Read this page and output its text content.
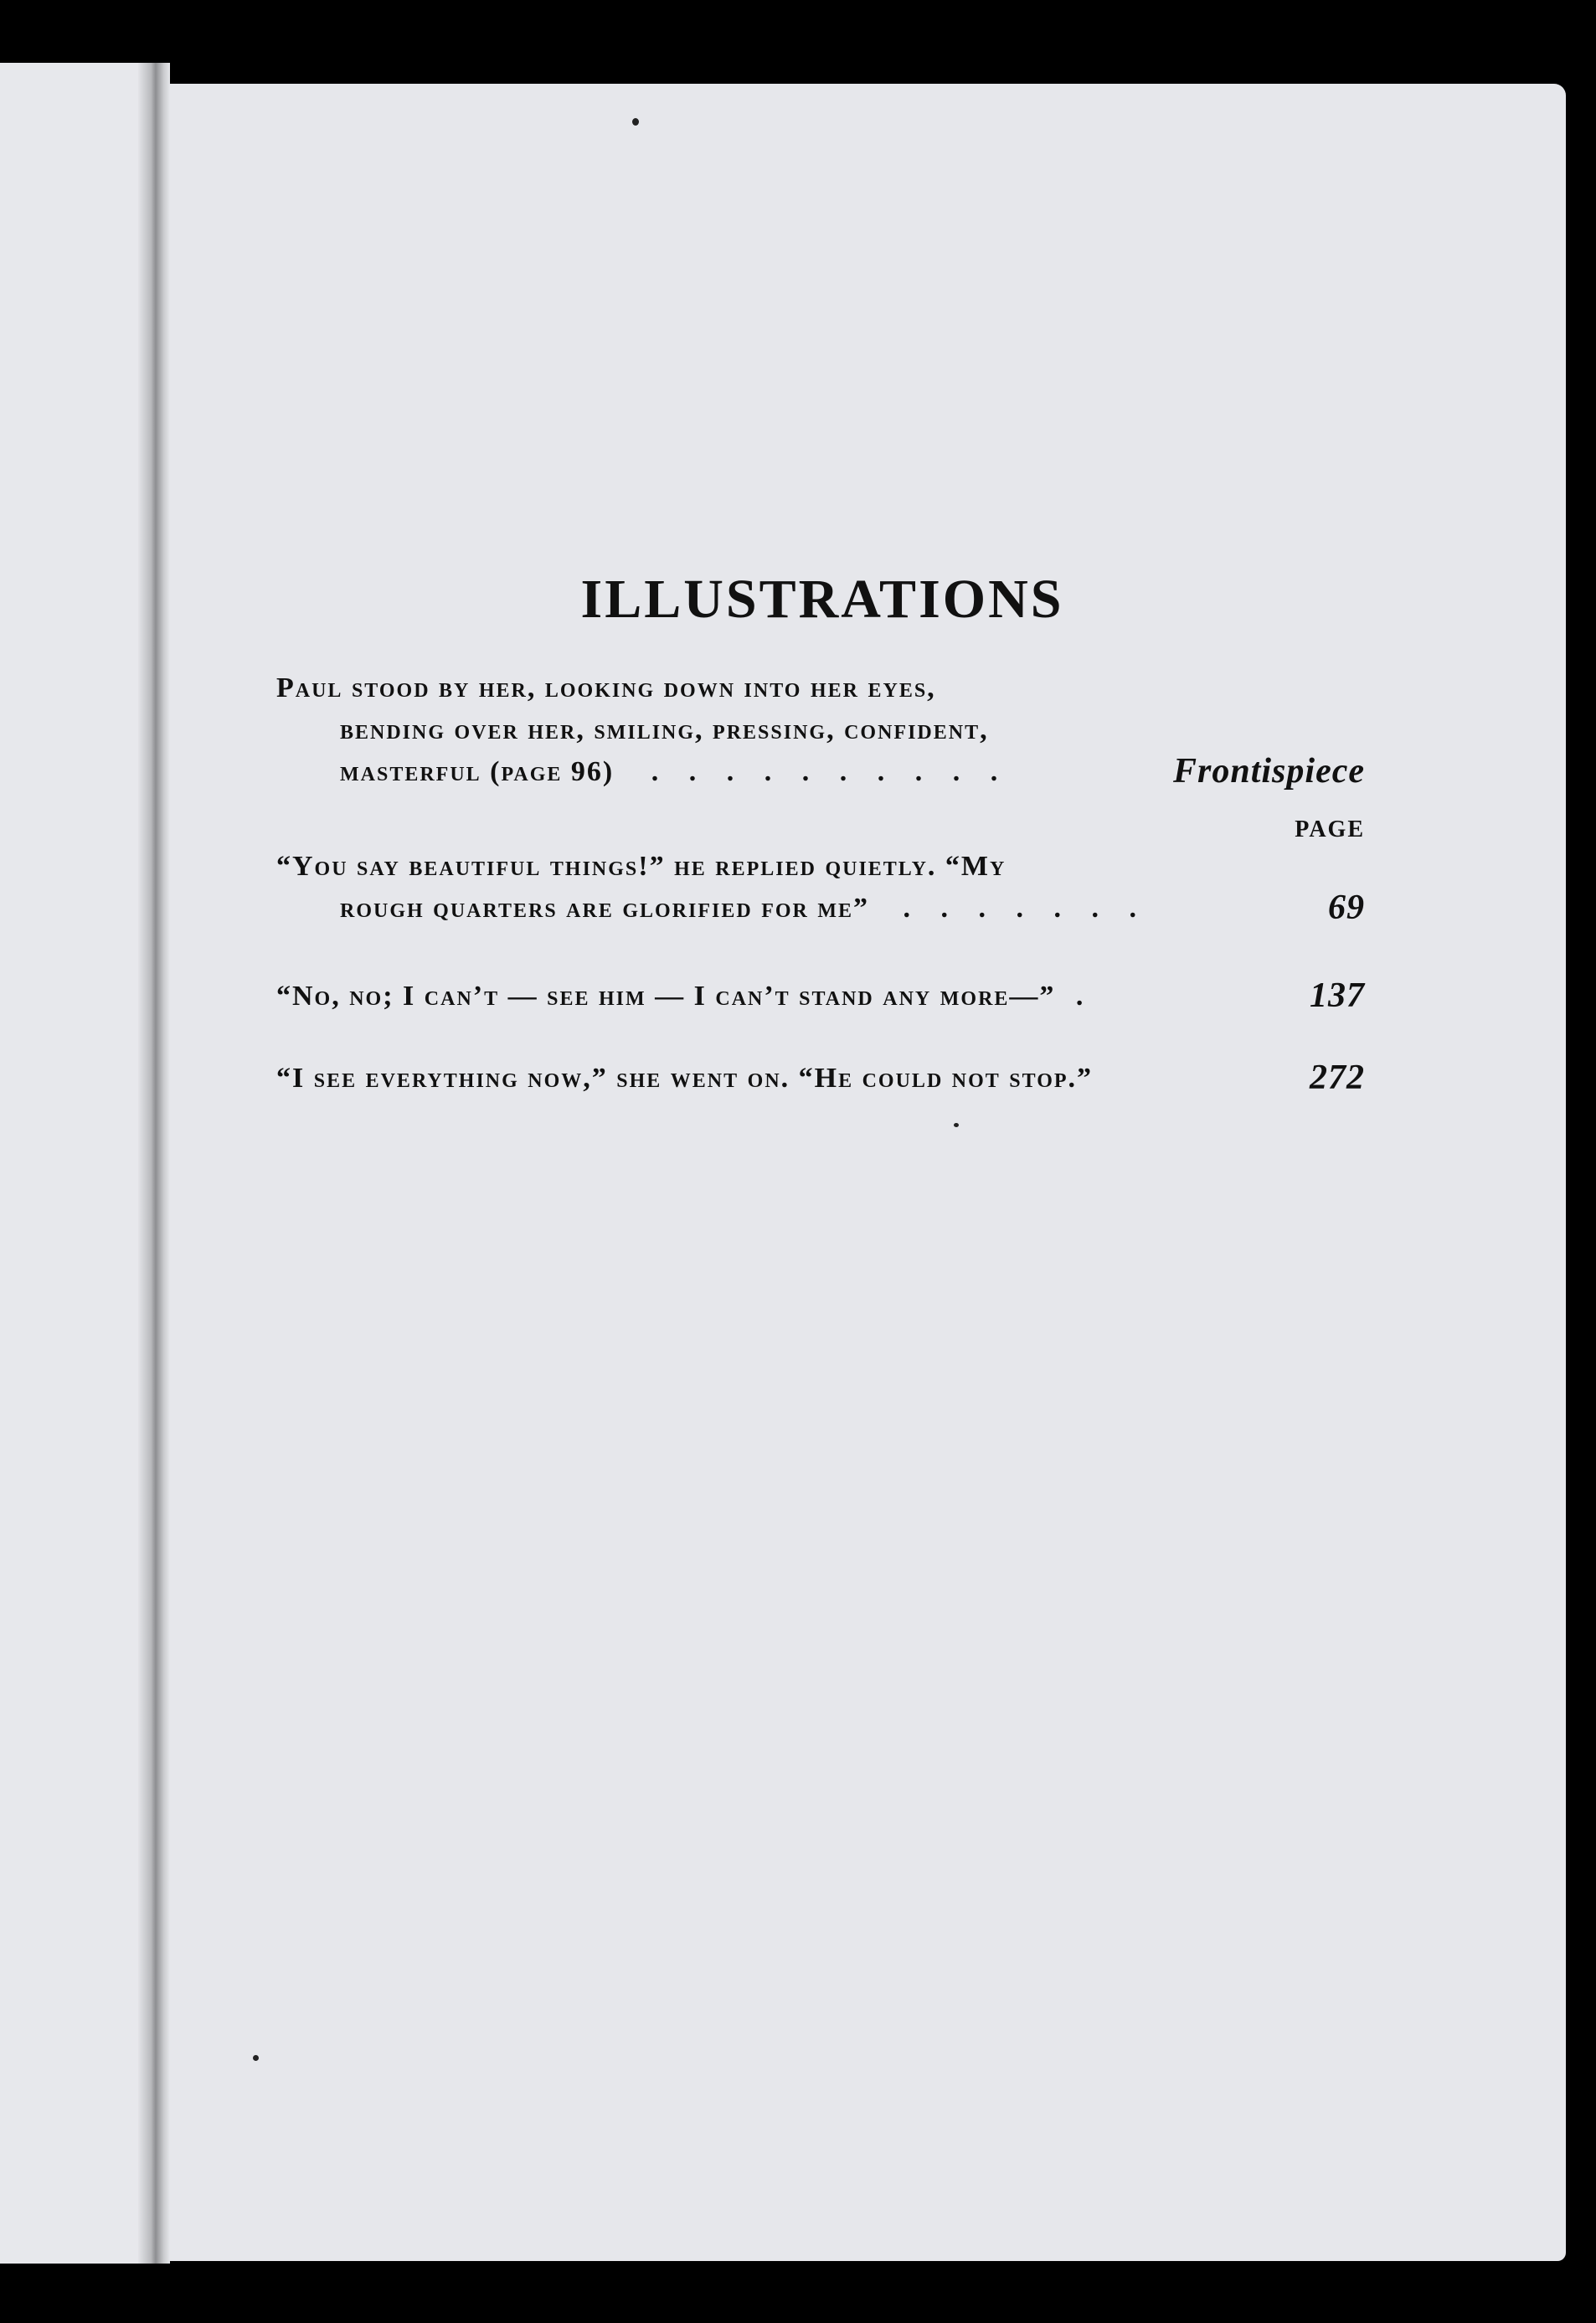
ILLUSTRATIONS
Paul stood by her, looking down into her eyes,
bending over her, smiling, pressing, confident,
masterful (page 96) . . . . . . . . . .	Frontispiece
PAGE
“You say beautiful things!” he replied quietly. “My
rough quarters are glorified for me” . . . . . . .	69
“No, no; I can’t — see him — I can’t stand any more—” .	137
“I see everything now,” she went on. “He could not stop.”	272
